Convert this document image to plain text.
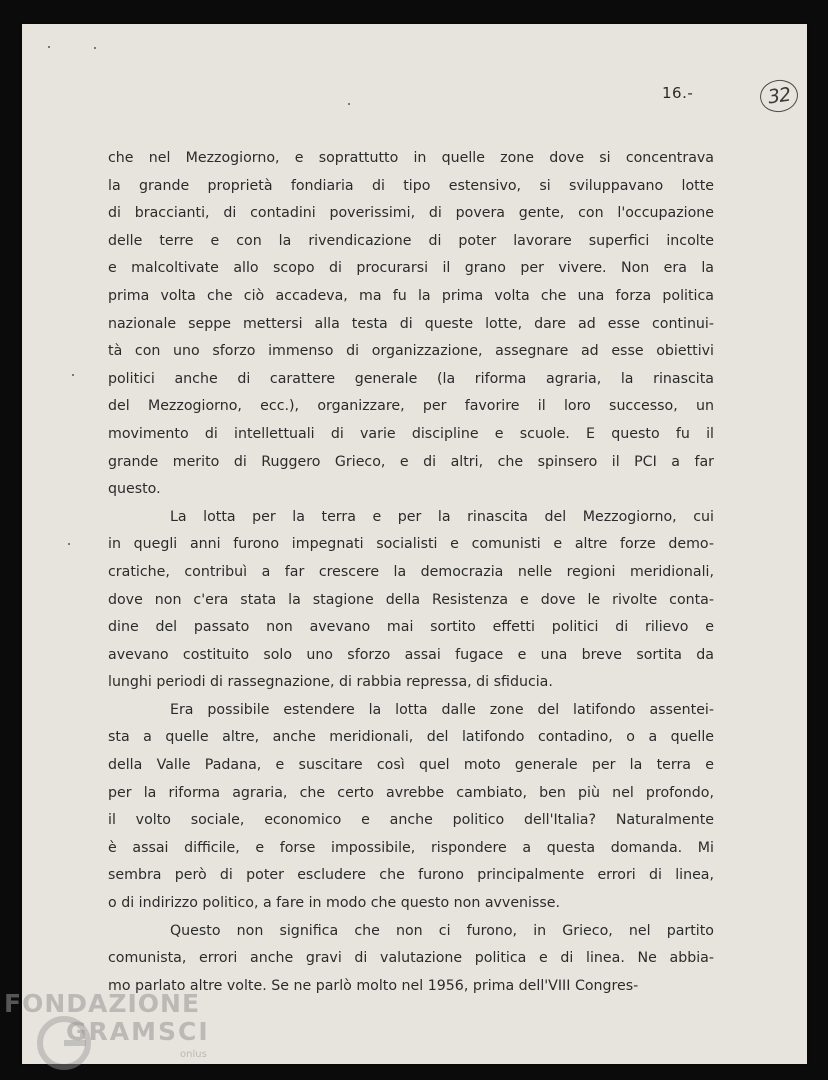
32
16.-
che nel Mezzogiorno, e soprattutto in quelle zone dove si concentrava
la grande proprietà fondiaria di tipo estensivo, si sviluppavano lotte
di braccianti, di contadini poverissimi, di povera gente, con l'occupazione
delle terre e con la rivendicazione di poter lavorare superfici incolte
e malcoltivate allo scopo di procurarsi il grano per vivere. Non era la
prima volta che ciò accadeva, ma fu la prima volta che una forza politica
nazionale seppe mettersi alla testa di queste lotte, dare ad esse continui-
tà con uno sforzo immenso di organizzazione, assegnare ad esse obiettivi
politici anche di carattere generale (la riforma agraria, la rinascita
del Mezzogiorno, ecc.), organizzare, per favorire il loro successo, un
movimento di intellettuali di varie discipline e scuole. E questo fu il
grande merito di Ruggero Grieco, e di altri, che spinsero il PCI a far
questo.
La lotta per la terra e per la rinascita del Mezzogiorno, cui
in quegli anni furono impegnati socialisti e comunisti e altre forze demo-
cratiche, contribuì a far crescere la democrazia nelle regioni meridionali,
dove non c'era stata la stagione della Resistenza e dove le rivolte conta-
dine del passato non avevano mai sortito effetti politici di rilievo e
avevano costituito solo uno sforzo assai fugace e una breve sortita da
lunghi periodi di rassegnazione, di rabbia repressa, di sfiducia.
Era possibile estendere la lotta dalle zone del latifondo assentei-
sta a quelle altre, anche meridionali, del latifondo contadino, o a quelle
della Valle Padana, e suscitare così quel moto generale per la terra e
per la riforma agraria, che certo avrebbe cambiato, ben più nel profondo,
il volto sociale, economico e anche politico dell'Italia? Naturalmente
è assai difficile, e forse impossibile, rispondere a questa domanda. Mi
sembra però di poter escludere che furono principalmente errori di linea,
o di indirizzo politico, a fare in modo che questo non avvenisse.
Questo non significa che non ci furono, in Grieco, nel partito
comunista, errori anche gravi di valutazione politica e di linea. Ne abbia-
mo parlato altre volte. Se ne parlò molto nel 1956, prima dell'VIII Congres-
FONDAZIONE
GRAMSCI
onlus
